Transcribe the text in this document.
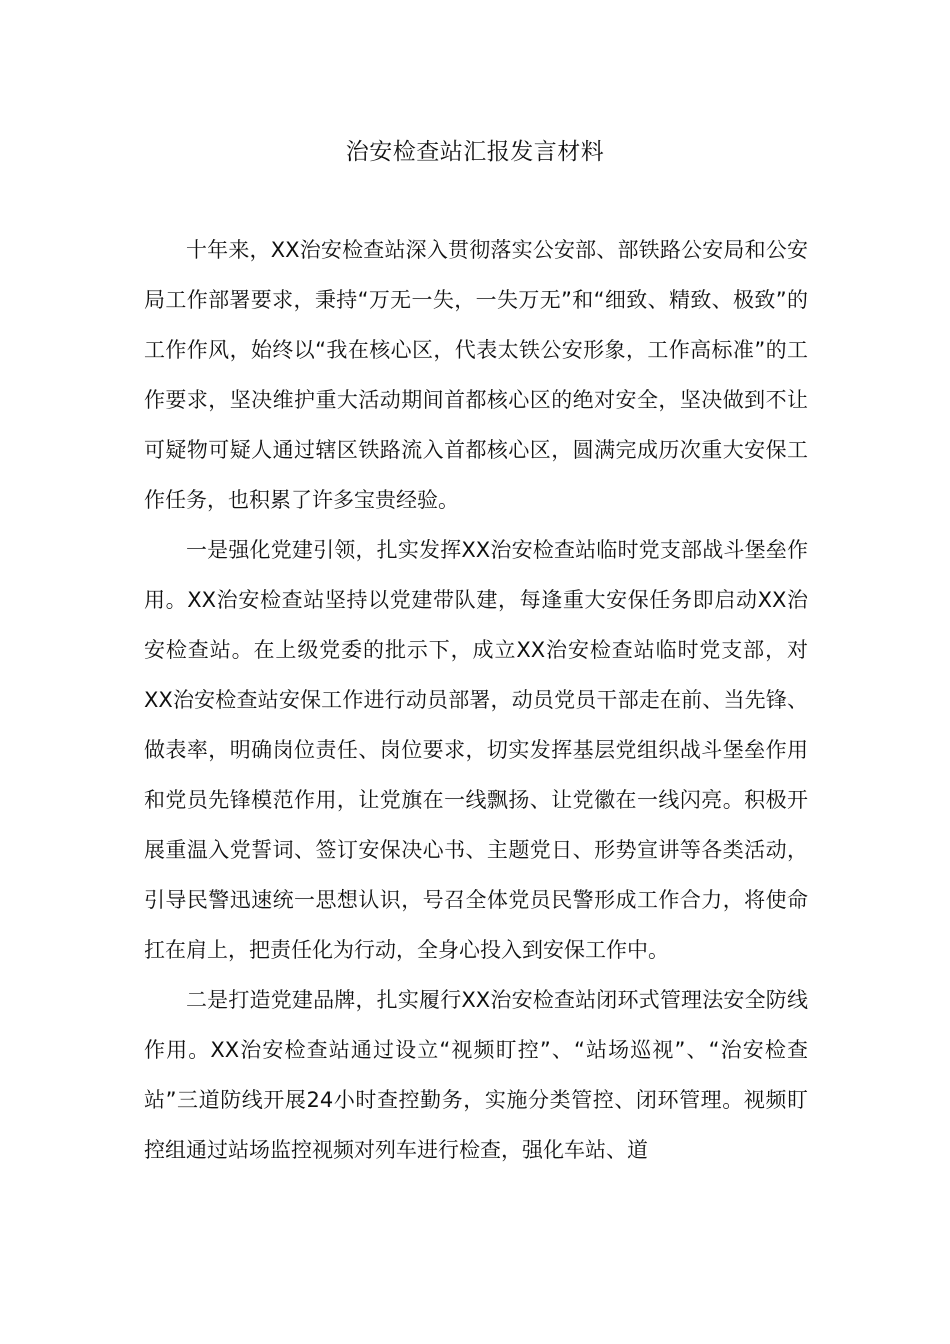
治安检查站汇报发言材料

十年来，XX治安检查站深入贯彻落实公安部、部铁路公安局和公安局工作部署要求，秉持“万无一失，一失万无”和“细致、精致、极致”的工作作风，始终以“我在核心区，代表太铁公安形象，工作高标准”的工作要求，坚决维护重大活动期间首都核心区的绝对安全，坚决做到不让可疑物可疑人通过辖区铁路流入首都核心区，圆满完成历次重大安保工作任务，也积累了许多宝贵经验。

一是强化党建引领，扎实发挥XX治安检查站临时党支部战斗堡垒作用。XX治安检查站坚持以党建带队建，每逢重大安保任务即启动XX治安检查站。在上级党委的批示下，成立XX治安检查站临时党支部，对XX治安检查站安保工作进行动员部署，动员党员干部走在前、当先锋、做表率，明确岗位责任、岗位要求，切实发挥基层党组织战斗堡垒作用和党员先锋模范作用，让党旗在一线飘扬、让党徽在一线闪亮。积极开展重温入党誓词、签订安保决心书、主题党日、形势宣讲等各类活动，引导民警迅速统一思想认识，号召全体党员民警形成工作合力，将使命扛在肩上，把责任化为行动，全身心投入到安保工作中。

二是打造党建品牌，扎实履行XX治安检查站闭环式管理法安全防线作用。XX治安检查站通过设立“视频盯控”、“站场巡视”、“治安检查站”三道防线开展24小时查控勤务，实施分类管控、闭环管理。视频盯控组通过站场监控视频对列车进行检查，强化车站、道
